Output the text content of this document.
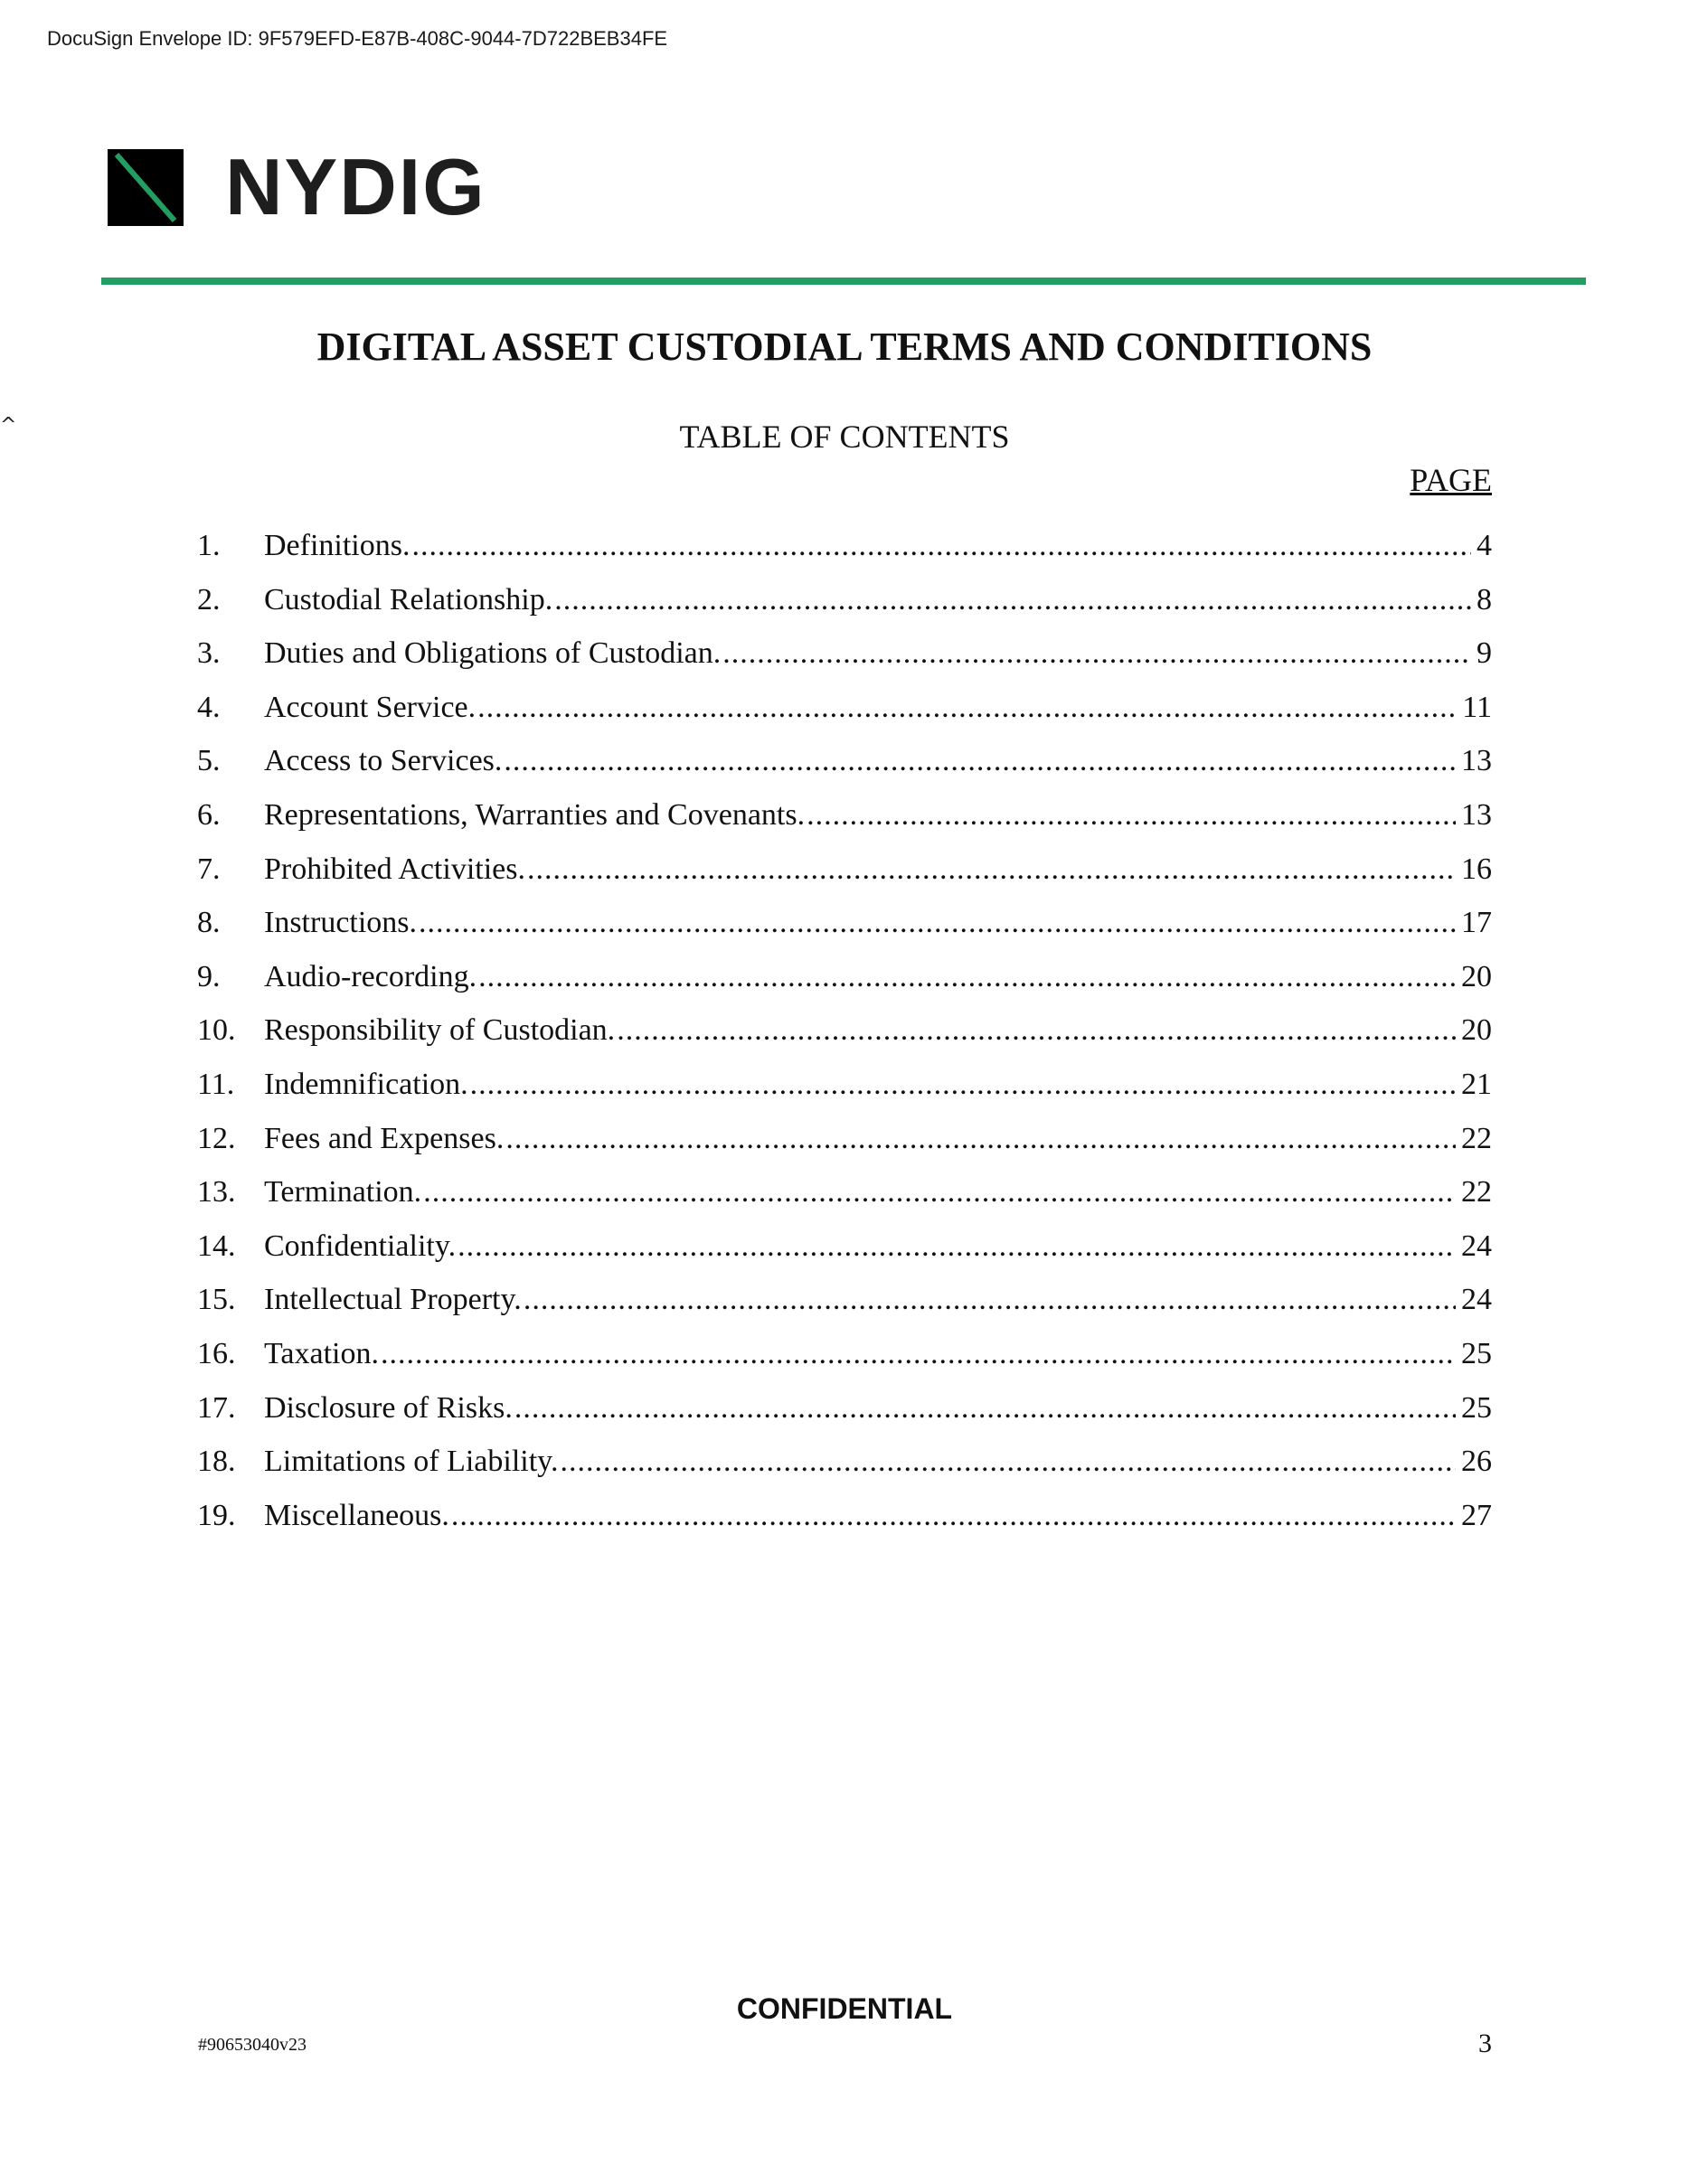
DocuSign Envelope ID: 9F579EFD-E87B-408C-9044-7D722BEB34FE
NYDIG
^
DIGITAL ASSET CUSTODIAL TERMS AND CONDITIONS
TABLE OF CONTENTS
PAGE
1.	Definitions. .....	4
2.	Custodial Relationship. .....	8
3.	Duties and Obligations of Custodian. .....	9
4.	Account Service. .....	11
5.	Access to Services. .....	13
6.	Representations, Warranties and Covenants. .....	13
7.	Prohibited Activities. .....	16
8.	Instructions. .....	17
9.	Audio-recording. .....	20
10. Responsibility of Custodian. .....	20
11. Indemnification. .....	21
12. Fees and Expenses. .....	22
13. Termination. .....	22
14. Confidentiality. .....	24
15. Intellectual Property. .....	24
16. Taxation. .....	25
17. Disclosure of Risks. .....	25
18. Limitations of Liability. .....	26
19. Miscellaneous. .....	27
CONFIDENTIAL
#90653040v23	3
